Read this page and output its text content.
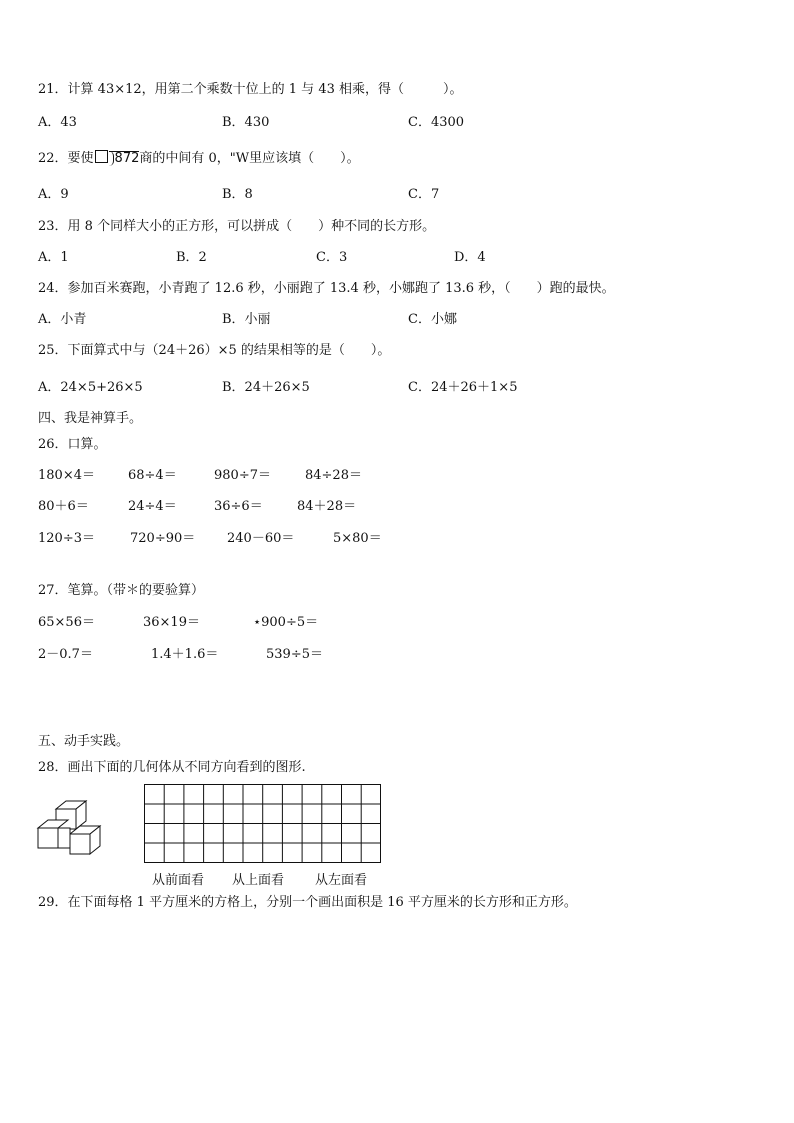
21．计算 43×12，用第二个乘数十位上的 1 与 43 相乘，得（　　　）。
A．43	B．430	C．4300
22．要使 872商的中间有 0，"W里应该填（　　）。
A．9	B．8	C．7
23．用 8 个同样大小的正方形，可以拼成（　　）种不同的长方形。
A．1	B．2	C．3	D．4
24．参加百米赛跑，小青跑了 12.6 秒，小丽跑了 13.4 秒，小娜跑了 13.6 秒，（　　）跑的最快。
A．小青	B．小丽	C．小娜
25．下面算式中与（24＋26）×5 的结果相等的是（　　）。
A．24×5+26×5	B．24＋26×5	C．24＋26＋1×5
四、我是神算手。
26．口算。
180×4＝	68÷4＝	980÷7＝	84÷28＝
80＋6＝	24÷4＝	36÷6＝	84＋28＝
120÷3＝	720÷90＝ 240－60＝	5×80＝
27．笔算。（带＊的要验算）
65×56＝	36×19＝	⋆900÷5＝
2－0.7＝	1.4＋1.6＝	539÷5＝
五、动手实践。
28．画出下面的几何体从不同方向看到的图形.
从前面看 从上面看 从左面看
29．在下面每格 1 平方厘米的方格上，分别一个画出面积是 16 平方厘米的长方形和正方形。
